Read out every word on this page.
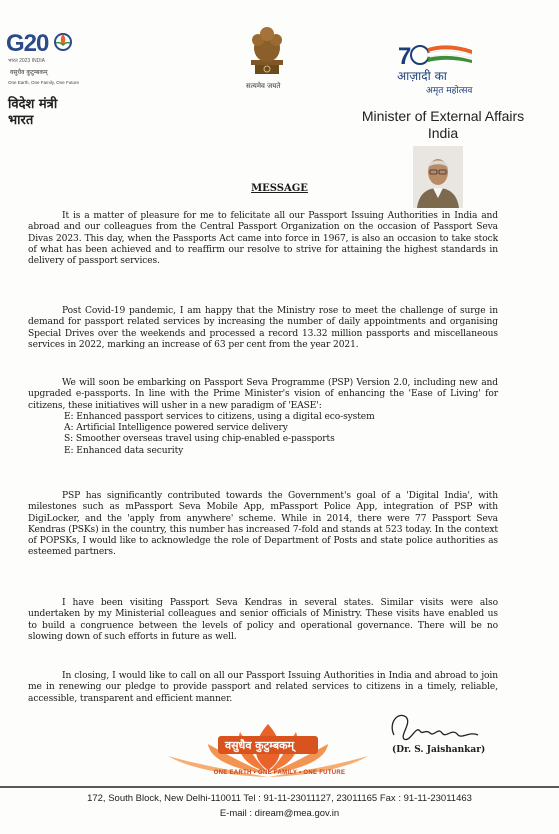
G20
भारत 2023 INDIA
वसुधैव कुटुम्बकम्
One Earth, One Family, One Future
विदेश मंत्री
भारत
सत्यमेव जयते
7
आज़ादी का
अमृत महोत्सव
Minister of External Affairs
India
MESSAGE
It is a matter of pleasure for me to felicitate all our Passport Issuing Authorities in India and abroad and our colleagues from the Central Passport Organization on the occasion of Passport Seva Divas 2023. This day, when the Passports Act came into force in 1967, is also an occasion to take stock of what has been achieved and to reaffirm our resolve to strive for attaining the highest standards in delivery of passport services.
Post Covid-19 pandemic, I am happy that the Ministry rose to meet the challenge of surge in demand for passport related services by increasing the number of daily appointments and organising Special Drives over the weekends and processed a record 13.32 million passports and miscellaneous services in 2022, marking an increase of 63 per cent from the year 2021.

We will soon be embarking on Passport Seva Programme (PSP) Version 2.0, including new and upgraded e-passports. In line with the Prime Minister's vision of enhancing the 'Ease of Living' for citizens, these initiatives will usher in a new paradigm of 'EASE':

E: Enhanced passport services to citizens, using a digital eco-system

A: Artificial Intelligence powered service delivery

S: Smoother overseas travel using chip-enabled e-passports

E: Enhanced data security

PSP has significantly contributed towards the Government's goal of a 'Digital India', with milestones such as mPassport Seva Mobile App, mPassport Police App, integration of PSP with DigiLocker, and the 'apply from anywhere' scheme. While in 2014, there were 77 Passport Seva Kendras (PSKs) in the country, this number has increased 7-fold and stands at 523 today. In the context of POPSKs, I would like to acknowledge the role of Department of Posts and state police authorities as esteemed partners.
I have been visiting Passport Seva Kendras in several states. Similar visits were also undertaken by my Ministerial colleagues and senior officials of Ministry. These visits have enabled us to build a congruence between the levels of policy and operational governance. There will be no slowing down of such efforts in future as well.
In closing, I would like to call on all our Passport Issuing Authorities in India and abroad to join me in renewing our pledge to provide passport and related services to citizens in a timely, reliable, accessible, transparent and efficient manner.
(Dr. S. Jaishankar)
वसुधैव कुटुम्बकम्
ONE EARTH • ONE FAMILY • ONE FUTURE
172, South Block, New Delhi-110011 Tel : 91-11-23011127, 23011165 Fax : 91-11-23011463
E-mail : diream@mea.gov.in
